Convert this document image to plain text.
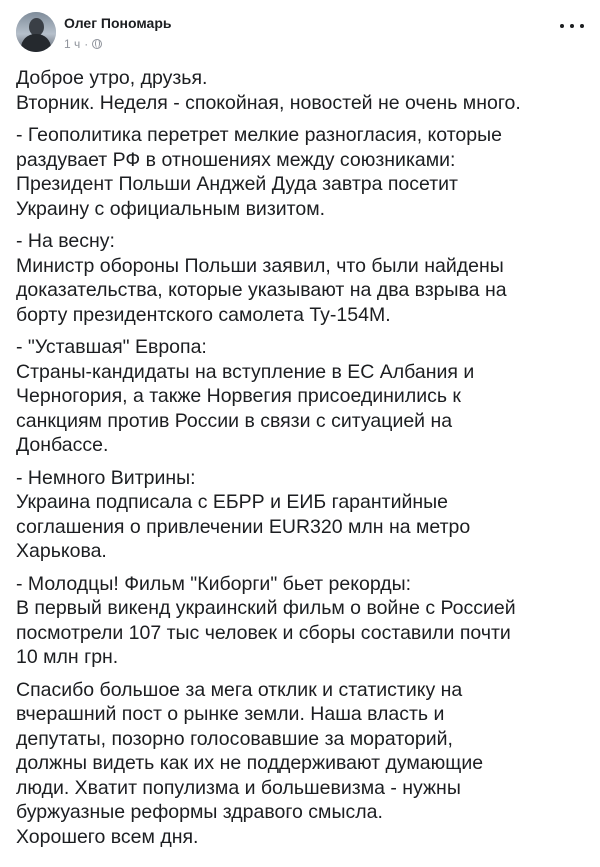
Олег Пономарь
1 ч ·
Доброе утро, друзья.
Вторник. Неделя - спокойная, новостей не очень много.
- Геополитика перетрет мелкие разногласия, которые
раздувает РФ в отношениях между союзниками:
Президент Польши Анджей Дуда завтра посетит
Украину с официальным визитом.
- На весну:
Министр обороны Польши заявил, что были найдены
доказательства, которые указывают на два взрыва на
борту президентского самолета Ту-154М.
- "Уставшая" Европа:
Страны-кандидаты на вступление в ЕС Албания и
Черногория, а также Норвегия присоединились к
санкциям против России в связи с ситуацией на
Донбассе.
- Немного Витрины:
Украина подписала с ЕБРР и ЕИБ гарантийные
соглашения о привлечении EUR320 млн на метро
Харькова.
- Молодцы! Фильм "Киборги" бьет рекорды:
В первый викенд украинский фильм о войне с Россией
посмотрели 107 тыс человек и сборы составили почти
10 млн грн.
Спасибо большое за мега отклик и статистику на
вчерашний пост о рынке земли. Наша власть и
депутаты, позорно голосовавшие за мораторий,
должны видеть как их не поддерживают думающие
люди. Хватит популизма и большевизма - нужны
буржуазные реформы здравого смысла.
Хорошего всем дня.
